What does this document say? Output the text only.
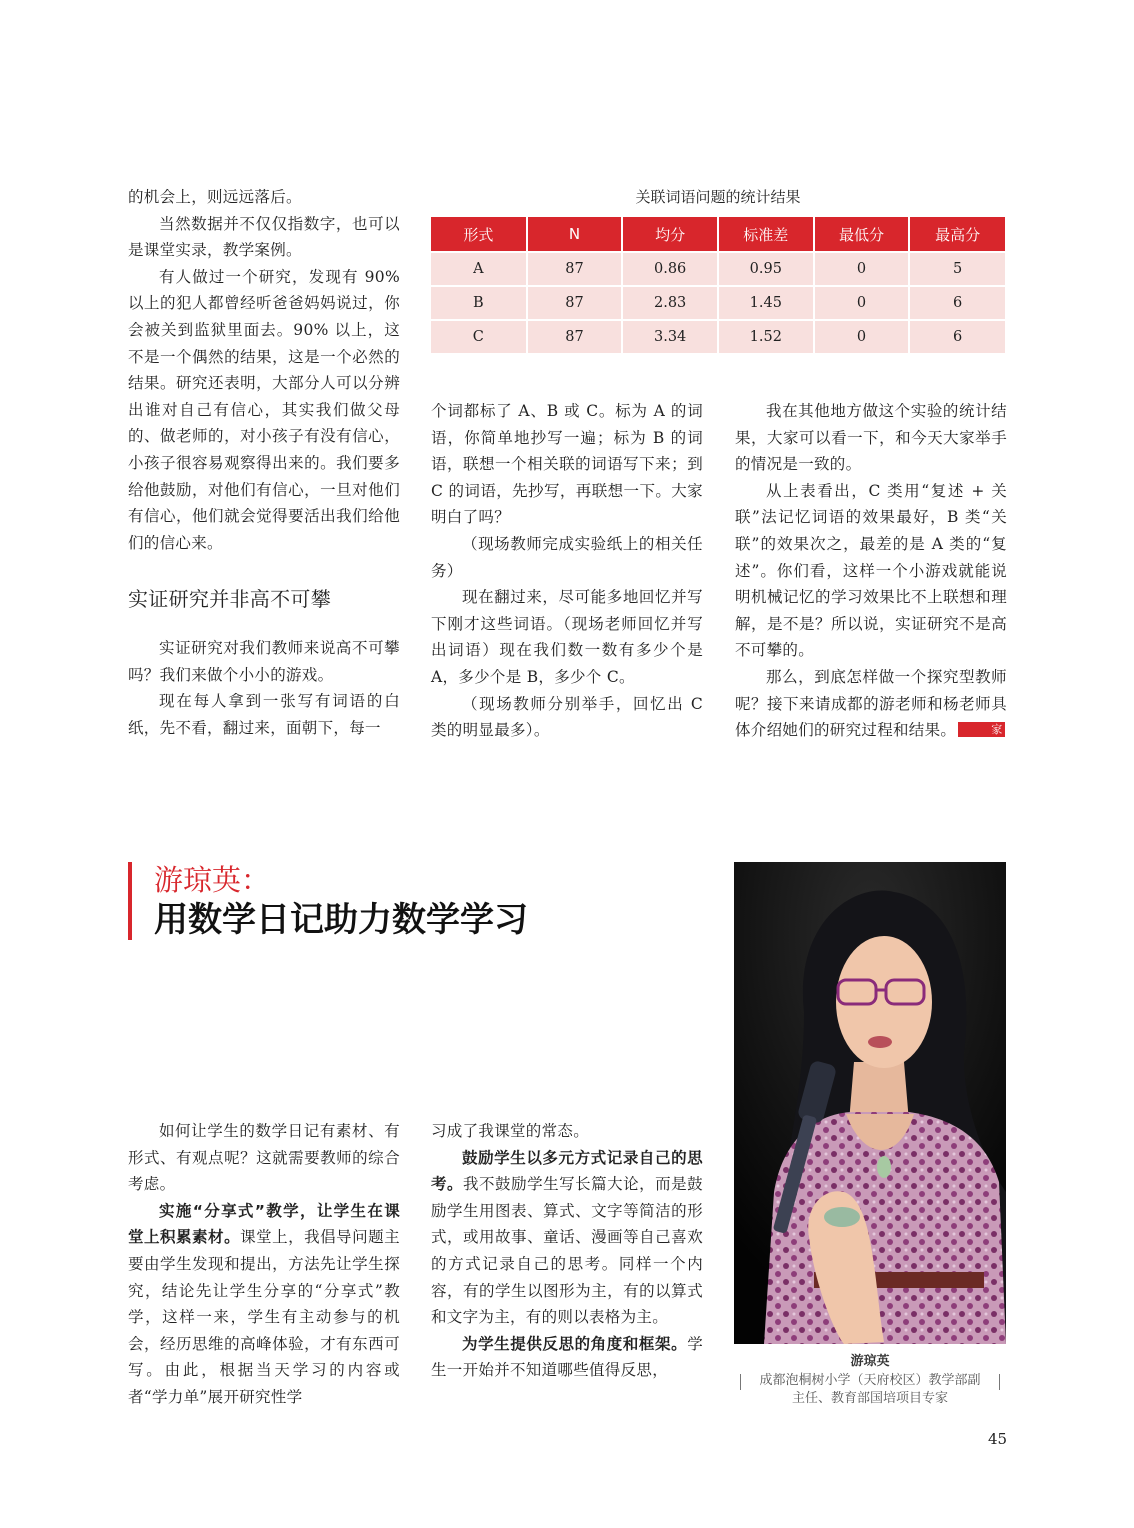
的机会上，则远远落后。

当然数据并不仅仅指数字，也可以是课堂实录，教学案例。

有人做过一个研究，发现有 90% 以上的犯人都曾经听爸爸妈妈说过，你会被关到监狱里面去。90% 以上，这不是一个偶然的结果，这是一个必然的结果。研究还表明，大部分人可以分辨出谁对自己有信心，其实我们做父母的、做老师的，对小孩子有没有信心，小孩子很容易观察得出来的。我们要多给他鼓励，对他们有信心，一旦对他们有信心，他们就会觉得要活出我们给他们的信心来。

实证研究并非高不可攀

实证研究对我们教师来说高不可攀吗？我们来做个小小的游戏。

现在每人拿到一张写有词语的白纸，先不看，翻过来，面朝下，每一

关联词语问题的统计结果
形式	N	均分	标准差	最低分	最高分
A	87	0.86	0.95	0	5
B	87	2.83	1.45	0	6
C	87	3.34	1.52	0	6

个词都标了 A、B 或 C。标为 A 的词语，你简单地抄写一遍；标为 B 的词语，联想一个相关联的词语写下来；到 C 的词语，先抄写，再联想一下。大家明白了吗？

（现场教师完成实验纸上的相关任务）

现在翻过来，尽可能多地回忆并写下刚才这些词语。（现场老师回忆并写出词语）现在我们数一数有多少个是 A，多少个是 B，多少个 C。

（现场教师分别举手，回忆出 C 类的明显最多）。

我在其他地方做这个实验的统计结果，大家可以看一下，和今天大家举手的情况是一致的。

从上表看出，C 类用“复述 + 关联”法记忆词语的效果最好，B 类“关联”的效果次之，最差的是 A 类的“复述”。你们看，这样一个小游戏就能说明机械记忆的学习效果比不上联想和理解，是不是？所以说，实证研究不是高不可攀的。

那么，到底怎样做一个探究型教师呢？接下来请成都的游老师和杨老师具体介绍她们的研究过程和结果。	家

游琼英：
用数学日记助力数学学习
游琼英
成都泡桐树小学（天府校区）教学部副主任、教育部国培项目专家

如何让学生的数学日记有素材、有形式、有观点呢？这就需要教师的综合考虑。

实施“分享式”教学，让学生在课堂上积累素材。课堂上，我倡导问题主要由学生发现和提出，方法先让学生探究，结论先让学生分享的“分享式”教学，这样一来，学生有主动参与的机会，经历思维的高峰体验，才有东西可写。由此，根据当天学习的内容或者“学力单”展开研究性学

习成了我课堂的常态。

鼓励学生以多元方式记录自己的思考。我不鼓励学生写长篇大论，而是鼓励学生用图表、算式、文字等简洁的形式，或用故事、童话、漫画等自己喜欢的方式记录自己的思考。同样一个内容，有的学生以图形为主，有的以算式和文字为主，有的则以表格为主。

为学生提供反思的角度和框架。学生一开始并不知道哪些值得反思，

45
